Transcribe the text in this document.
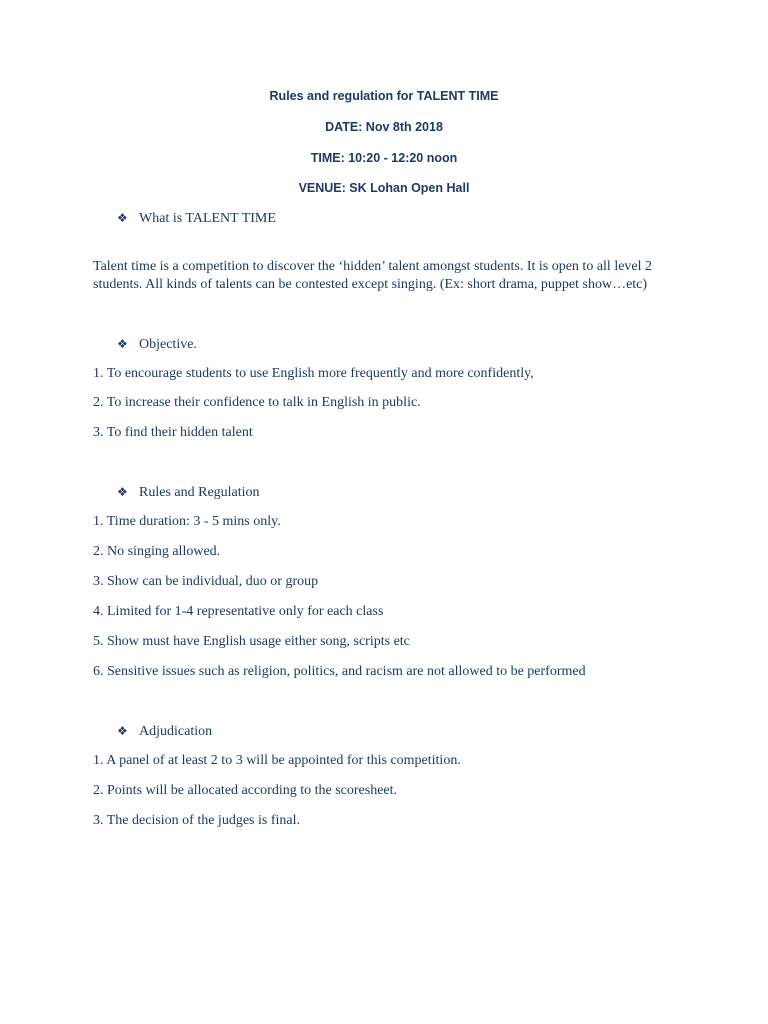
Rules and regulation for TALENT TIME
DATE: Nov 8th 2018
TIME: 10:20 - 12:20 noon
VENUE: SK Lohan Open Hall
❖ What is TALENT TIME
Talent time is a competition to discover the ‘hidden’ talent amongst students. It is open to all level 2
students. All kinds of talents can be contested except singing. (Ex: short drama, puppet show…etc)
❖ Objective.
1. To encourage students to use English more frequently and more confidently,
2. To increase their confidence to talk in English in public.
3. To find their hidden talent
❖ Rules and Regulation
1. Time duration: 3 - 5 mins only.
2. No singing allowed.
3. Show can be individual, duo or group
4. Limited for 1-4 representative only for each class
5. Show must have English usage either song, scripts etc
6. Sensitive issues such as religion, politics, and racism are not allowed to be performed
❖ Adjudication
1. A panel of at least 2 to 3 will be appointed for this competition.
2. Points will be allocated according to the scoresheet.
3. The decision of the judges is final.
